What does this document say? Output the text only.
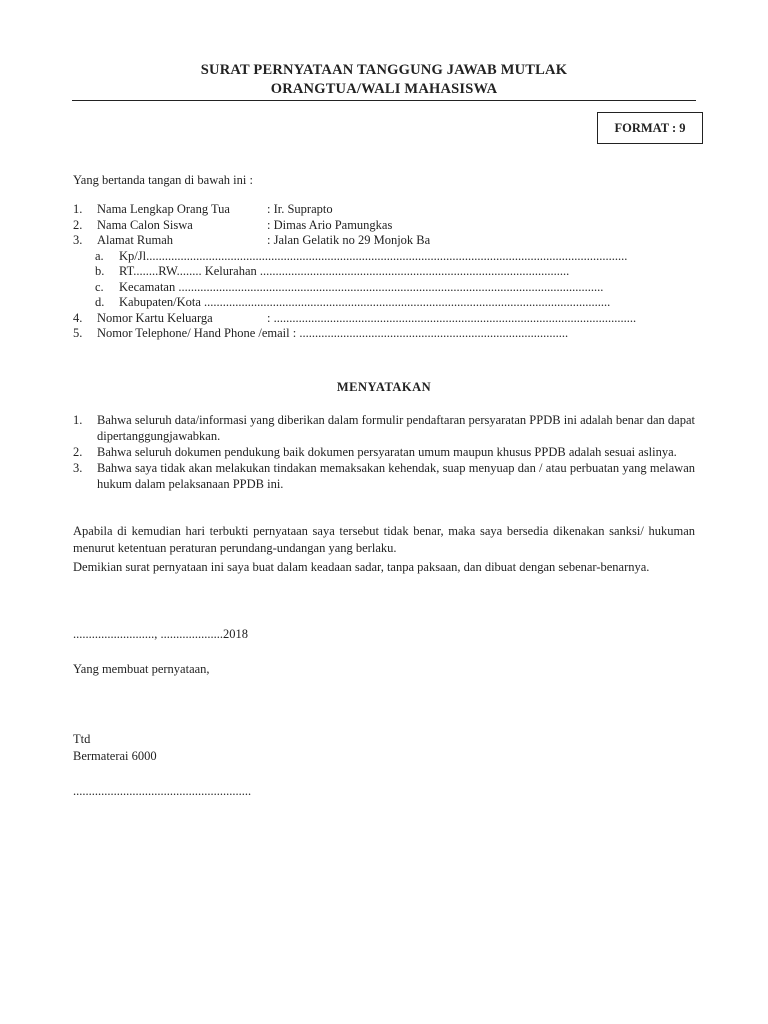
SURAT PERNYATAAN TANGGUNG JAWAB MUTLAK
ORANGTUA/WALI MAHASISWA
FORMAT : 9
Yang bertanda tangan di bawah ini :
1.	Nama Lengkap Orang Tua	: Ir. Suprapto
2.	Nama Calon Siswa	: Dimas Ario Pamungkas
3.	Alamat Rumah	: Jalan Gelatik no 29 Monjok Ba
a.	Kp/Jl..........................................................................................................................................................
b.	RT........RW........ Kelurahan ...................................................................................................
c.	Kecamatan ........................................................................................................................................
d.	Kabupaten/Kota ..................................................................................................................................
4.	Nomor Kartu Keluarga	: ....................................................................................................................
5.	Nomor Telephone/ Hand Phone /email : ......................................................................................
MENYATAKAN
1.	Bahwa seluruh data/informasi yang diberikan dalam formulir pendaftaran persyaratan PPDB ini adalah benar dan dapat dipertanggungjawabkan.
2.	Bahwa seluruh dokumen pendukung baik dokumen persyaratan umum maupun khusus PPDB adalah sesuai aslinya.
3.	Bahwa saya tidak akan melakukan tindakan memaksakan kehendak, suap menyuap dan / atau perbuatan yang melawan hukum dalam pelaksanaan PPDB ini.
Apabila di kemudian hari terbukti pernyataan saya tersebut tidak benar, maka saya bersedia dikenakan sanksi/ hukuman menurut ketentuan peraturan perundang-undangan yang berlaku.
Demikian surat pernyataan ini saya buat dalam keadaan sadar, tanpa paksaan, dan dibuat dengan sebenar-benarnya.
.........................., ....................2018
Yang membuat pernyataan,
Ttd
Bermaterai 6000
.........................................................
